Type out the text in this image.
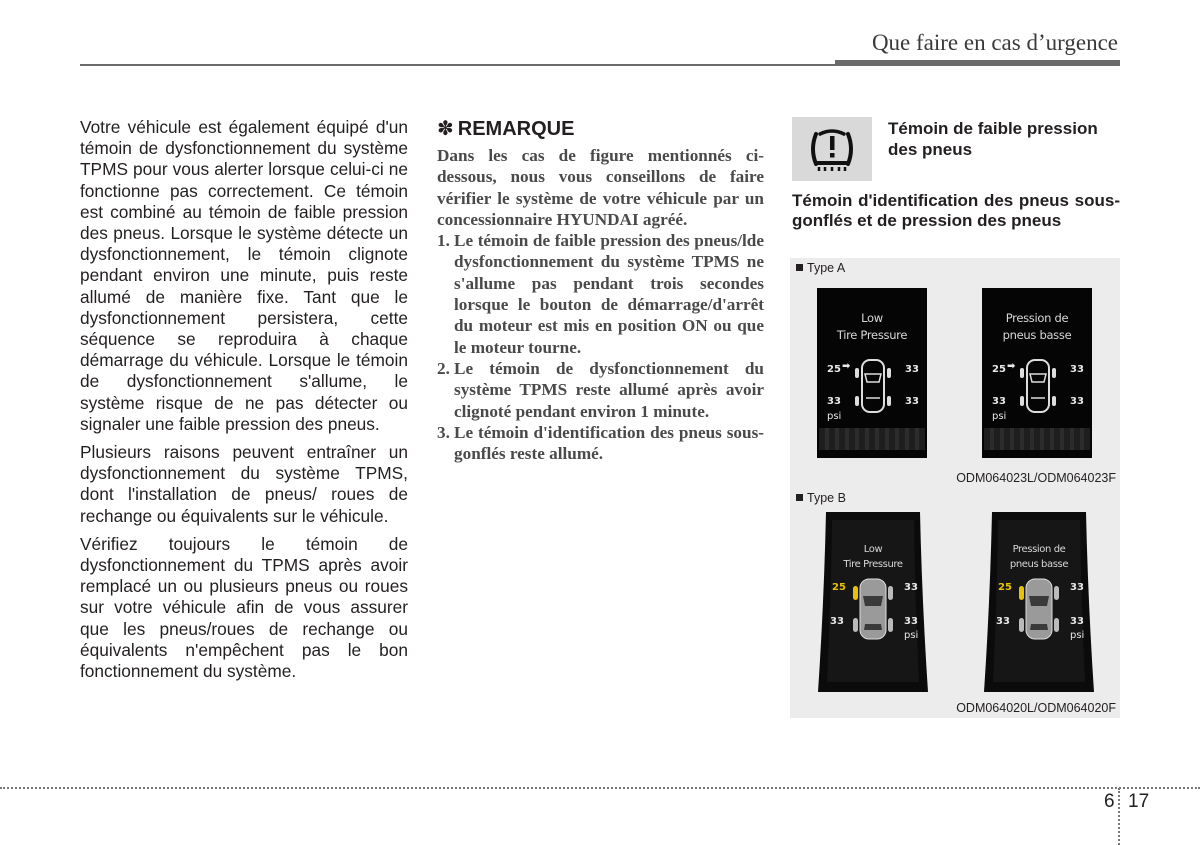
Que faire en cas d’urgence

Votre véhicule est également équipé d'un témoin de dysfonctionnement du système TPMS pour vous alerter lorsque celui-ci ne fonctionne pas correctement. Ce témoin est combiné au témoin de faible pression des pneus. Lorsque le système détecte un dysfonctionnement, le témoin clignote pendant environ une minute, puis reste allumé de manière fixe. Tant que le dysfonctionnement persistera, cette séquence se reproduira à chaque démarrage du véhicule. Lorsque le témoin de dysfonctionnement s'allume, le système risque de ne pas détecter ou signaler une faible pression des pneus.

Plusieurs raisons peuvent entraîner un dysfonctionnement du système TPMS, dont l'installation de pneus/ roues de rechange ou équivalents sur le véhicule.

Vérifiez toujours le témoin de dysfonctionnement du TPMS après avoir remplacé un ou plusieurs pneus ou roues sur votre véhicule afin de vous assurer que les pneus/roues de rechange ou équivalents n'empêchent pas le bon fonctionnement du système.

✽ REMARQUE

Dans les cas de figure mentionnés ci-dessous, nous vous conseillons de faire vérifier le système de votre véhicule par un concessionnaire HYUNDAI agréé.

1. Le témoin de faible pression des pneus/lde dysfonctionnement du système TPMS ne s'allume pas pendant trois secondes lorsque le bouton de démarrage/d'arrêt du moteur est mis en position ON ou que le moteur tourne.
2. Le témoin de dysfonctionnement du système TPMS reste allumé après avoir clignoté pendant environ 1 minute.
3. Le témoin d'identification des pneus sous-gonflés reste allumé.
Témoin de faible pression des pneus
Témoin d'identification des pneus sous-gonflés et de pression des pneus
Type A
Low
Tire Pressure
25 ➡	33
33	33
psi
Pression de
pneus basse
25 ➡	33
33	33
psi
ODM064023L/ODM064023F
Type B
Low
Tire Pressure
25	33
33	33
psi
Pression de
pneus basse
25	33
33	33
psi
ODM064020L/ODM064020F
6 17
